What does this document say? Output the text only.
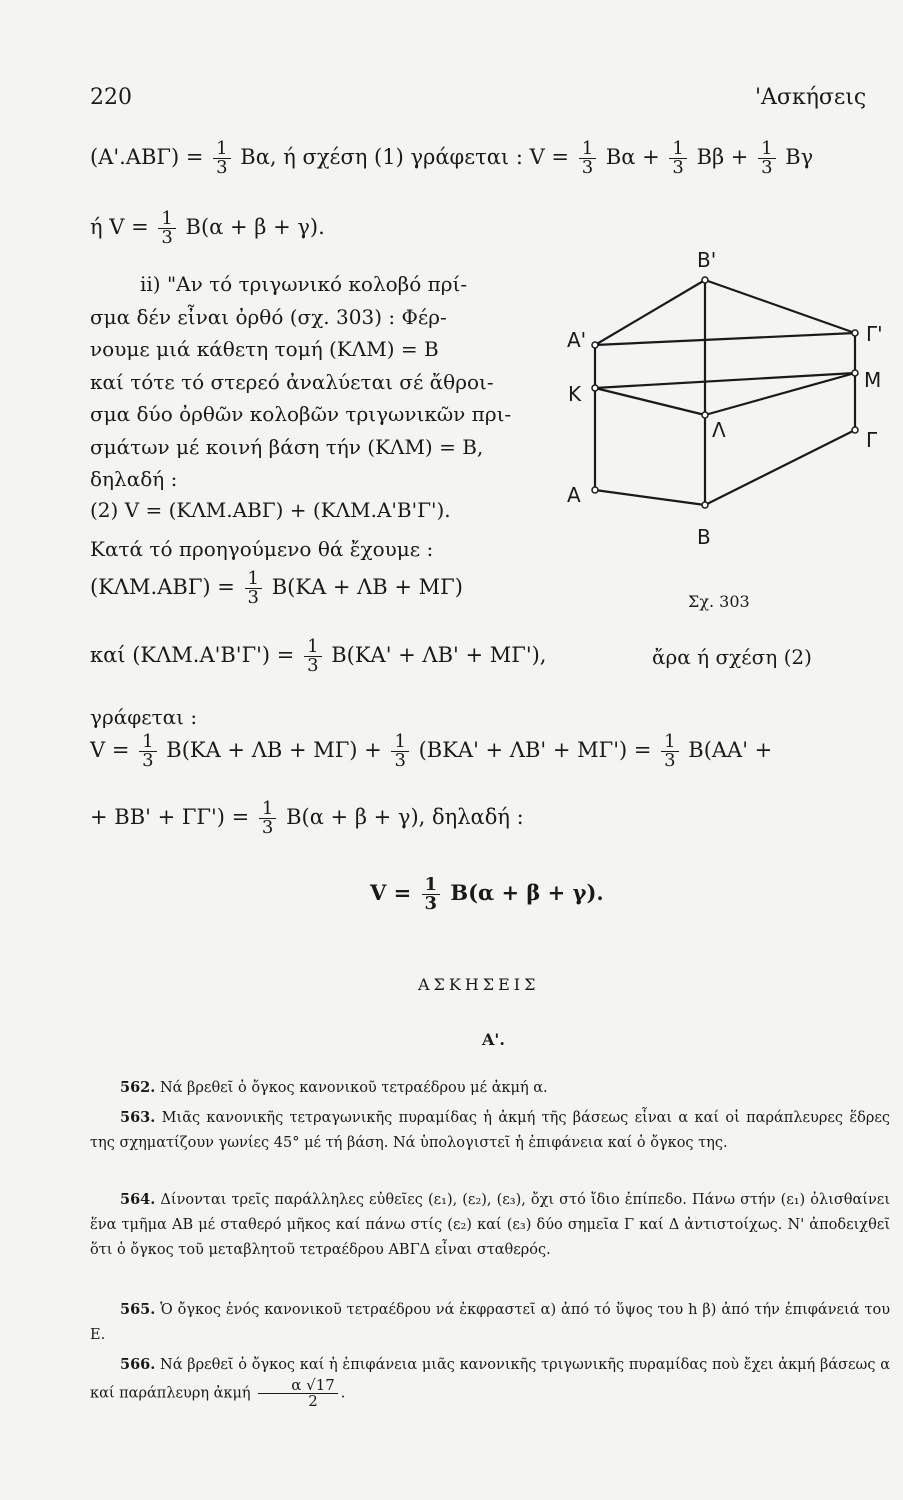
220	'Ασκήσεις
$(A'.AB\Gamma) = \frac{1}{3} B\alpha$, ή σχέση (1) γράφεται : $V = \frac{1}{3}$ $B\alpha + \frac{1}{3}$ $B\beta + \frac{1}{3}$ Βγ
ή $V = \frac{1}{3} B(\alpha + \beta + \gamma)$.
ii) "Αν τό τριγωνικό κολοβό πρί-
σμα δέν εἶναι ὀρθό (σχ. 303) : Φέρ-
νουμε μιά κάθετη τομή (ΚΛΜ) = Β
καί τότε τό στερεό ἀναλύεται σέ ἄθροι-
σμα δύο ὀρθῶν κολοβῶν τριγωνικῶν πρι-
σμάτων μέ κοινή βάση τήν (ΚΛΜ) = Β,
δηλαδή :
Β'
Α'	Γ'
Κ
Μ
Λ	Γ
Α
Β
Σχ. 303
(2) V = (ΚΛΜ.ΑΒΓ) + (ΚΛΜ.Α'Β'Γ').
Κατά τό προηγούμενο θά ἔχουμε :
$(K\Lambda M.AB\Gamma) = \frac{1}{3} B(KA + \Lambda B + M\Gamma)$
καί $(K\Lambda M.A'B'\Gamma') = \frac{1}{3} B(KA' + \Lambda B' + M\Gamma')$,	ἄρα ή σχέση (2)
γράφεται :
$V = \frac{1}{3} B(KA + \Lambda B + M\Gamma) + \frac{1}{3} (BKA' + \Lambda B' + M\Gamma') = \frac{1}{3} B(AA'$ +
+ $BB' + \Gamma\Gamma') = \frac{1}{3} B(\alpha + \beta + \gamma)$, δηλαδή :
$V = \frac{1}{3} B(\alpha + \beta + \gamma)$.
ΑΣΚΗΣΕΙΣ
Α'.
562. Νά βρεθεῖ ὁ ὄγκος κανονικοῦ τετραέδρου μέ ἀκμή α.
563. Μιᾶς κανονικῆς τετραγωνικῆς πυραμίδας ἡ ἀκμή τῆς βάσεως εἶναι α καί οἱ παράπλευρες ἕδρες της σχηματίζουν γωνίες 45° μέ τή βάση. Νά ὑπολογιστεῖ ἡ ἐπιφάνεια καί ὁ ὄγκος της.
564. Δίνονται τρεῖς παράλληλες εὐθεῖες (ε₁), (ε₂), (ε₃), ὄχι στό ἴδιο ἐπίπεδο. Πάνω στήν (ε₁) ὀλισθαίνει ἕνα τμῆμα ΑΒ μέ σταθερό μῆκος καί πάνω στίς (ε₂) καί (ε₃) δύο σημεῖα Γ καί Δ ἀντιστοίχως. Ν' ἀποδειχθεῖ ὅτι ὁ ὄγκος τοῦ μεταβλητοῦ τετραέδρου ΑΒΓΔ εἶναι σταθερός.
565. Ὁ ὄγκος ἑνός κανονικοῦ τετραέδρου νά ἐκφραστεῖ α) ἀπό τό ὕψος του h β) ἀπό τήν ἐπιφάνειά του Ε.
566. Νά βρεθεῖ ὁ ὄγκος καί ἡ ἐπιφάνεια μιᾶς κανονικῆς τριγωνικῆς πυραμίδας ποὺ ἔχει ἀκμή βάσεως α καί παράπλευρη ἀκμή $\frac{\alpha √17}{2}$ .
